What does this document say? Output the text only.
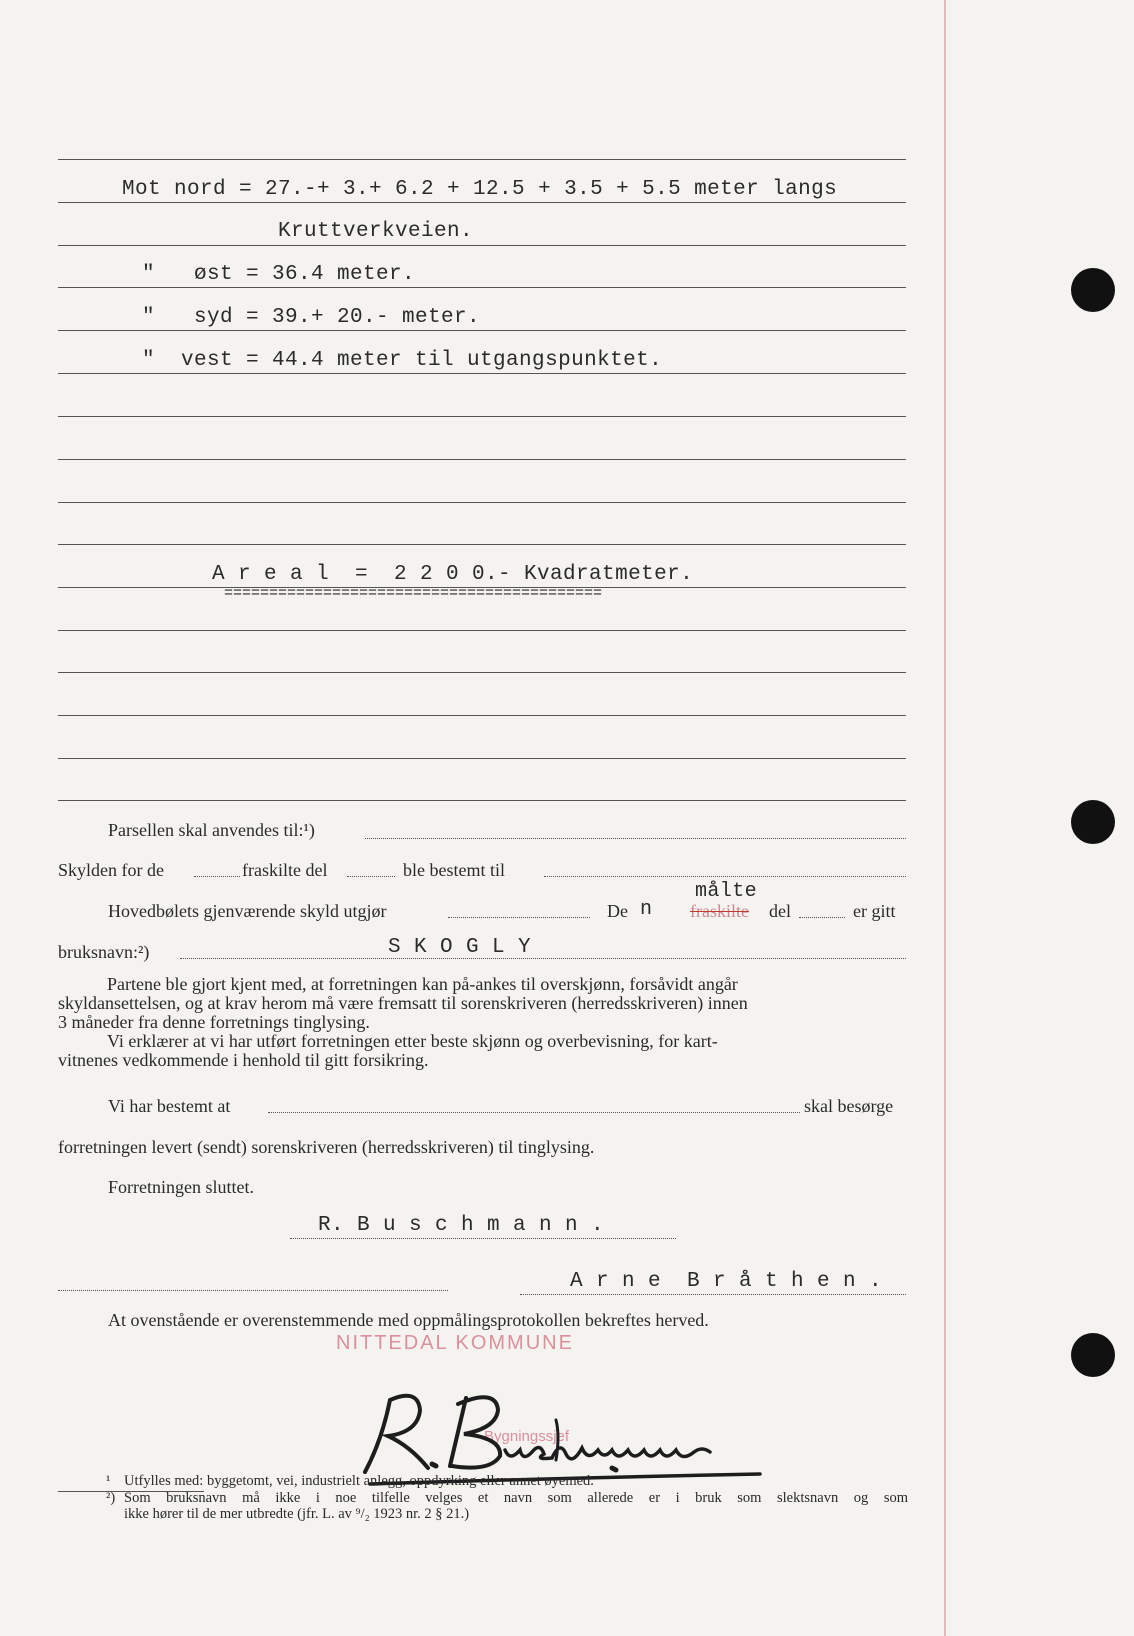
Mot nord = 27.-+ 3.+ 6.2 + 12.5 + 3.5 + 5.5 meter langs
Kruttverkveien.
"   øst = 36.4 meter.
"   syd = 39.+ 20.- meter.
"  vest = 44.4 meter til utgangspunktet.
A r e a l  =  2 2 0 0.- Kvadratmeter.
==========================================
Parsellen skal anvendes til:¹)
Skylden for de	fraskilte del	ble bestemt til
målte
Hovedbølets gjenværende skyld utgjør	De n fraskilte del	er gitt
bruksnavn:²)	S K O G L Y

Partene ble gjort kjent med, at forretningen kan på-ankes til overskjønn, forsåvidt angår

skyldansettelsen, og at krav herom må være fremsatt til sorenskriveren (herredsskriveren) innen

3 måneder fra denne forretnings tinglysing.

Vi erklærer at vi har utført forretningen etter beste skjønn og overbevisning, for kart-

vitnenes vedkommende i henhold til gitt forsikring.

Vi har bestemt at	skal besørge
forretningen levert (sendt) sorenskriveren (herredsskriveren) til tinglysing.
Forretningen sluttet.
R. B u s c h m a n n .
A r n e  B r å t h e n .
At ovenstående er overenstemmende med oppmålingsprotokollen bekreftes herved.
NITTEDAL KOMMUNE
Bygningssjef
¹ Utfylles med: byggetomt, vei, industrielt anlegg, oppdyrking eller annet øyemed.
²) Som bruksnavn må ikke i noe tilfelle velges et navn som allerede er i bruk som slektsnavn og som
ikke hører til de mer utbredte (jfr. L. av ⁹/₂ 1923 nr. 2 § 21.)
